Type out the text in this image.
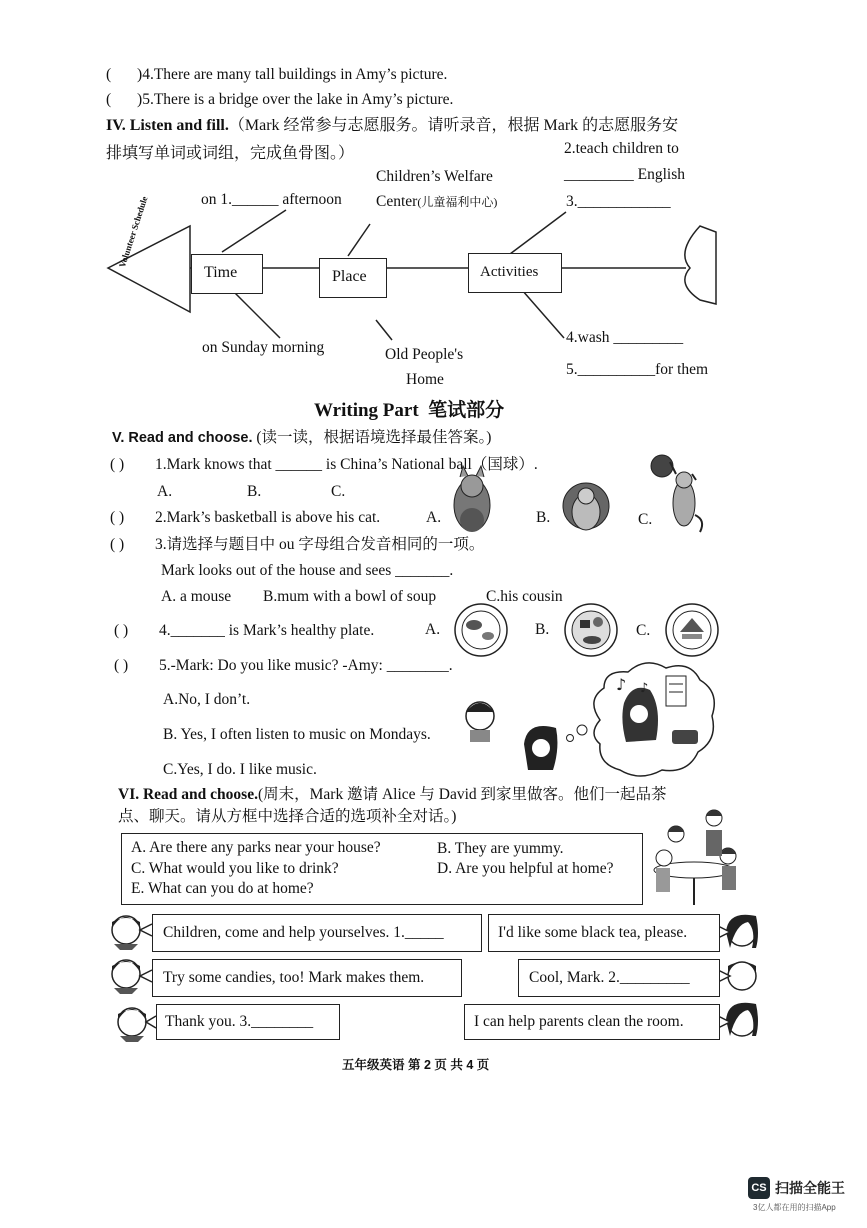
( )4.There are many tall buildings in Amy’s picture.
( )5.There is a bridge over the lake in Amy’s picture.
IV. Listen and fill.（Mark 经常参与志愿服务。请听录音，根据 Mark 的志愿服务安
排填写单词或词组，完成鱼骨图。）
Time	Place	Activities
Volunteer Schedule	on 1.______ afternoon
on Sunday morning
Children’s Welfare
Center(儿童福利中心)
Old People's
Home
2.teach children to
_________ English
3.____________
4.wash _________
5.__________for them
Writing Part 笔试部分
V. Read and choose. (读一读，根据语境选择最佳答案。)
( ) 1.Mark knows that ______ is China’s National ball（国球）.
A.	B.	C.
( ) 2.Mark’s basketball is above his cat.	A.	B.	C.
( ) 3.请选择与题目中 ou 字母组合发音相同的一项。
Mark looks out of the house and sees _______.
A. a mouse B.mum with a bowl of soup	C.his cousin
( ) 4._______ is Mark’s healthy plate.	A.	B.	C.
( ) 5.-Mark: Do you like music? -Amy: ________.
A.No, I don’t.
B. Yes, I often listen to music on Mondays.
C.Yes, I do. I like music.
♪ ♪
VI. Read and choose.(周末，Mark 邀请 Alice 与 David 到家里做客。他们一起品茶
点、聊天。请从方框中选择合适的选项补全对话。)
A. Are there any parks near your house?	B. They are yummy.
C. What would you like to drink?	D. Are you helpful at home?
E. What can you do at home?
Children, come and help yourselves. 1._____	I'd like some black tea, please.
Try some candies, too! Mark makes them.	Cool, Mark. 2._________
Thank you. 3.________	I can help parents clean the room.
五年级英语 第 2 页 共 4 页
CS 扫描全能王
3亿人都在用的扫描App
